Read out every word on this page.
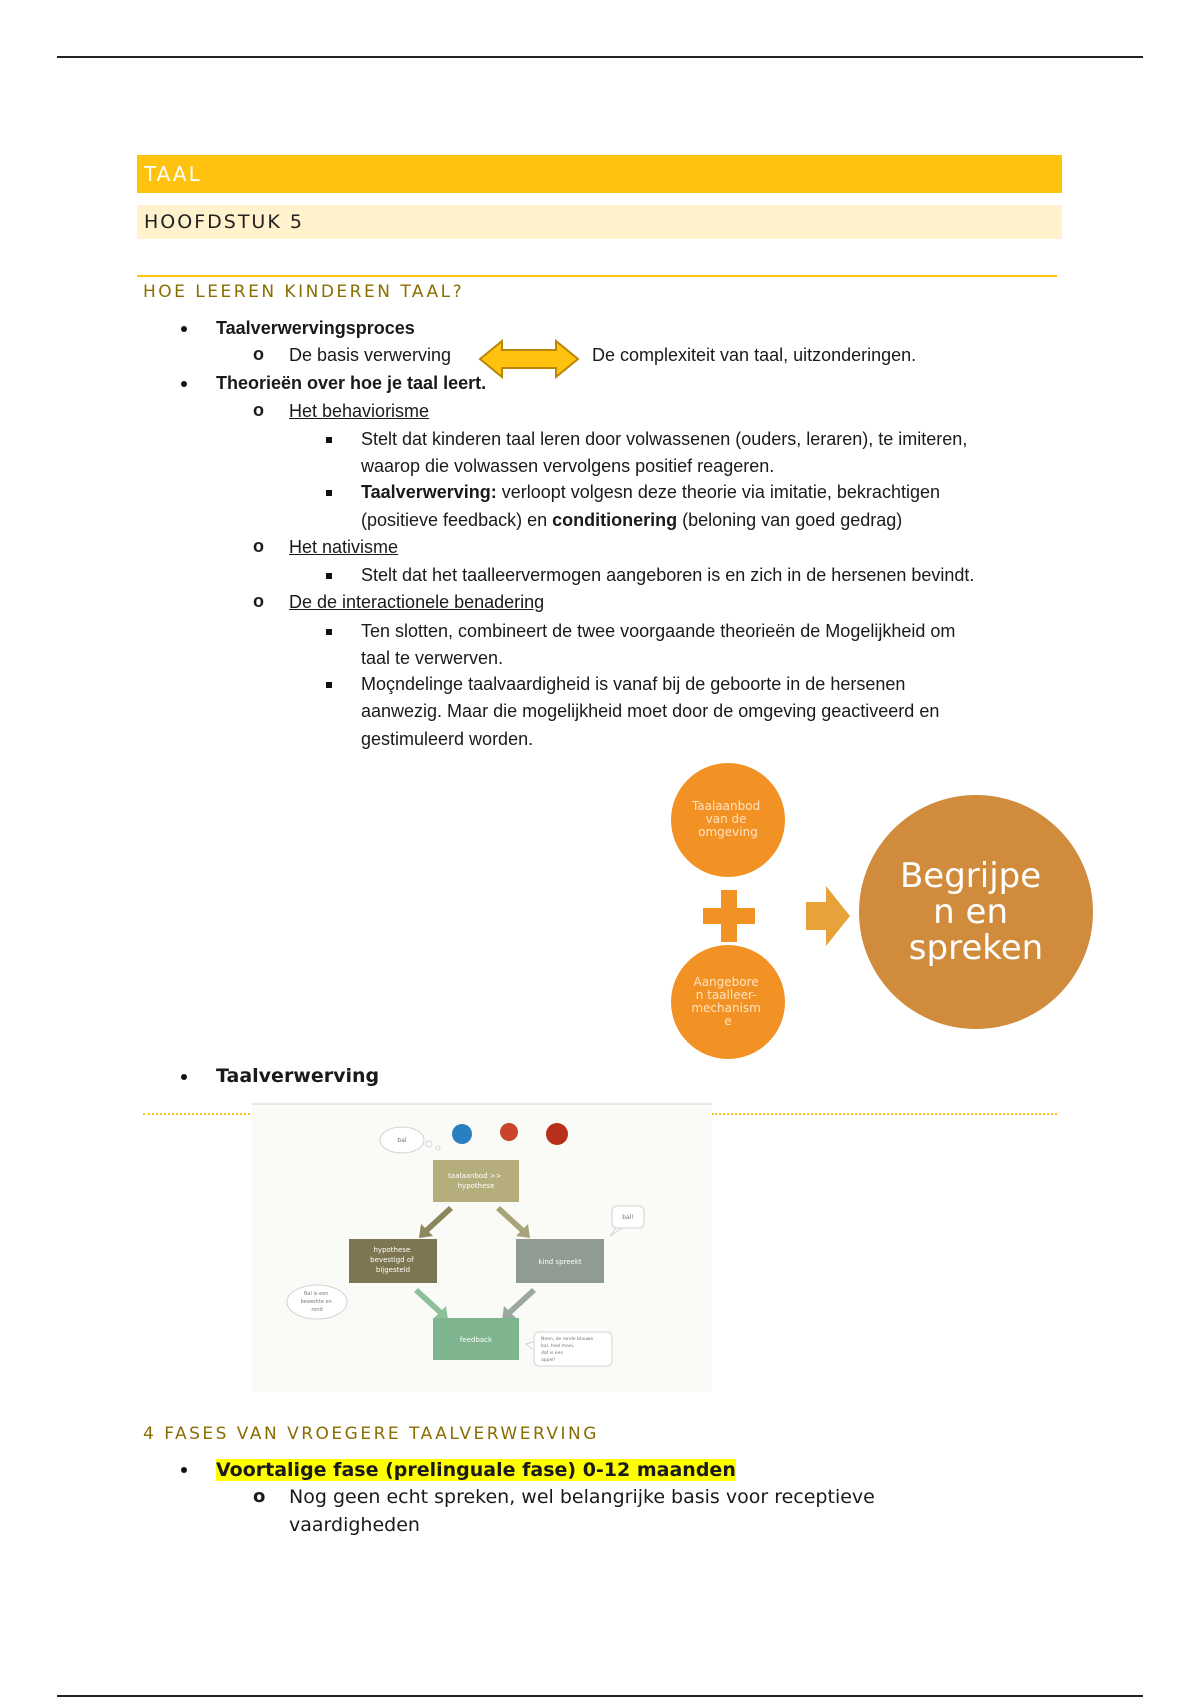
TAAL
HOOFDSTUK 5
HOE LEEREN KINDEREN TAAL?
Taalverwervingsproces
o De basis verwerving	De complexiteit van taal, uitzonderingen.
Theorieën over hoe je taal leert.
o Het behaviorisme
Stelt dat kinderen taal leren door volwassenen (ouders, leraren), te imiteren,
waarop die volwassen vervolgens positief reageren.
Taalverwerving: verloopt volgesn deze theorie via imitatie, bekrachtigen
(positieve feedback) en conditionering (beloning van goed gedrag)
o Het nativisme
Stelt dat het taalleervermogen aangeboren is en zich in de hersenen bevindt.
o De de interactionele benadering
Ten slotten, combineert de twee voorgaande theorieën de Mogelijkheid om
taal te verwerven.
Moçndelinge taalvaardigheid is vanaf bij de geboorte in de hersenen
aanwezig. Maar die mogelijkheid moet door de omgeving geactiveerd en
gestimuleerd worden.
Taalaanbod van de omgeving
Aangebore n taalleer- mechanism e
Begrijpe n en spreken
Taalverwerving
bal
taalaanbod >> hypothese
hypothese bevestigd of bijgesteld
kind spreekt
feedback
bal!
Bal is een bewerkte en rond
Neen, de ronde blauwe bal, heel mooi, dat is een appel!
4 FASES VAN VROEGERE TAALVERWERVING
Voortalige fase (prelinguale fase) 0-12 maanden
o Nog geen echt spreken, wel belangrijke basis voor receptieve
vaardigheden
